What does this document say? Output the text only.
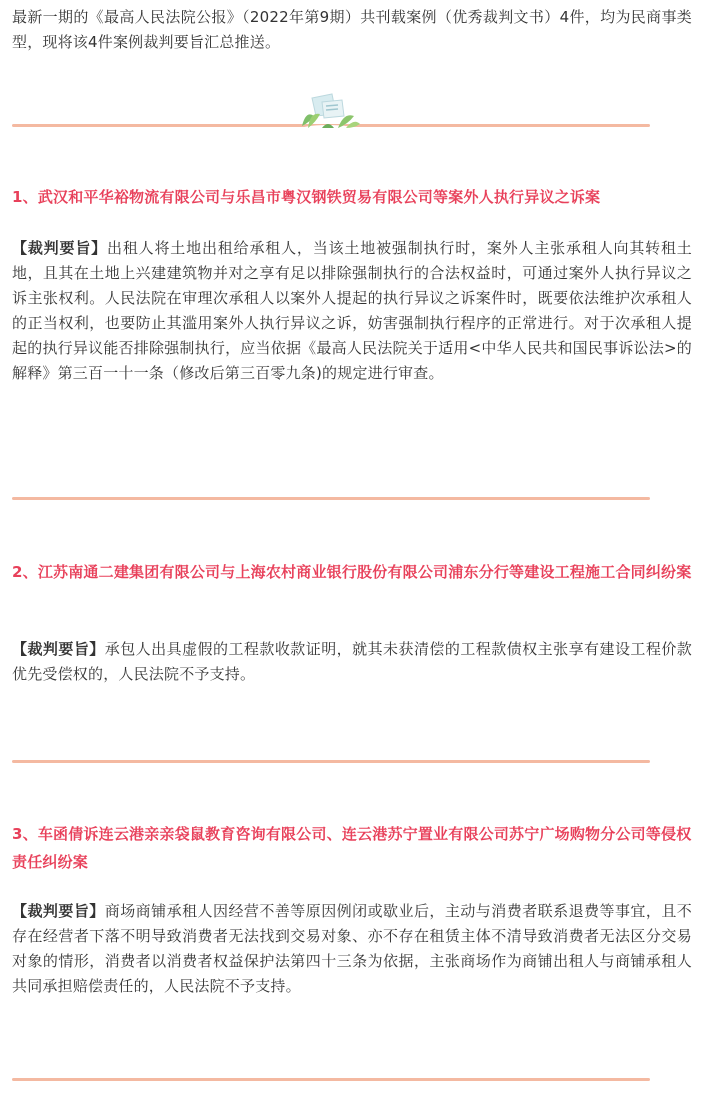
最新一期的《最高人民法院公报》（2022年第9期）共刊载案例（优秀裁判文书）4件，均为民商事类型，现将该4件案例裁判要旨汇总推送。

1、武汉和平华裕物流有限公司与乐昌市粤汉钢铁贸易有限公司等案外人执行异议之诉案

【裁判要旨】出租人将土地出租给承租人，当该土地被强制执行时，案外人主张承租人向其转租土地，且其在土地上兴建建筑物并对之享有足以排除强制执行的合法权益时，可通过案外人执行异议之诉主张权利。人民法院在审理次承租人以案外人提起的执行异议之诉案件时，既要依法维护次承租人的正当权利，也要防止其滥用案外人执行异议之诉，妨害强制执行程序的正常进行。对于次承租人提起的执行异议能否排除强制执行，应当依据《最高人民法院关于适用<中华人民共和国民事诉讼法>的解释》第三百一十一条（修改后第三百零九条)的规定进行审查。

2、江苏南通二建集团有限公司与上海农村商业银行股份有限公司浦东分行等建设工程施工合同纠纷案

【裁判要旨】承包人出具虚假的工程款收款证明，就其未获清偿的工程款债权主张享有建设工程价款优先受偿权的，人民法院不予支持。

3、车函倩诉连云港亲亲袋鼠教育咨询有限公司、连云港苏宁置业有限公司苏宁广场购物分公司等侵权责任纠纷案

【裁判要旨】商场商铺承租人因经营不善等原因例闭或歇业后，主动与消费者联系退费等事宜，且不存在经营者下落不明导致消费者无法找到交易对象、亦不存在租赁主体不清导致消费者无法区分交易对象的情形，消费者以消费者权益保护法第四十三条为依据，主张商场作为商铺出租人与商铺承租人共同承担赔偿责任的，人民法院不予支持。
